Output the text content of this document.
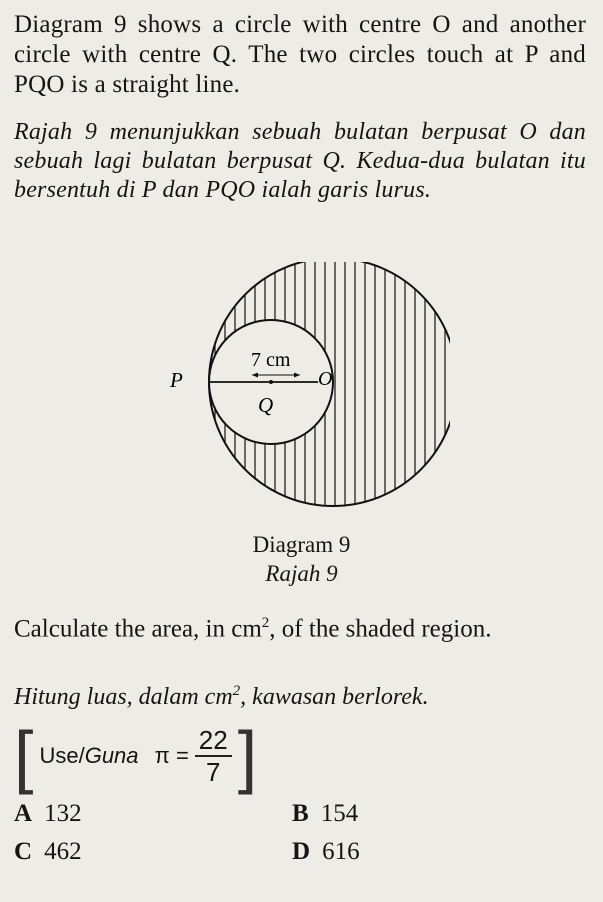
Diagram 9 shows a circle with centre O and another circle with centre Q. The two circles touch at P and PQO is a straight line.
Rajah 9 menunjukkan sebuah bulatan berpusat O dan sebuah lagi bulatan berpusat Q. Kedua-dua bulatan itu bersentuh di P dan PQO ialah garis lurus.
P
Q
O
7 cm
Diagram 9
Rajah 9
Calculate the area, in $cm^2$, of the shaded region.
Hitung luas, dalam $cm^2$, kawasan berlorek.
[ Use/Guna $\pi = \frac{22}{7}$ ]
A 132	B 154
C 462	D 616
